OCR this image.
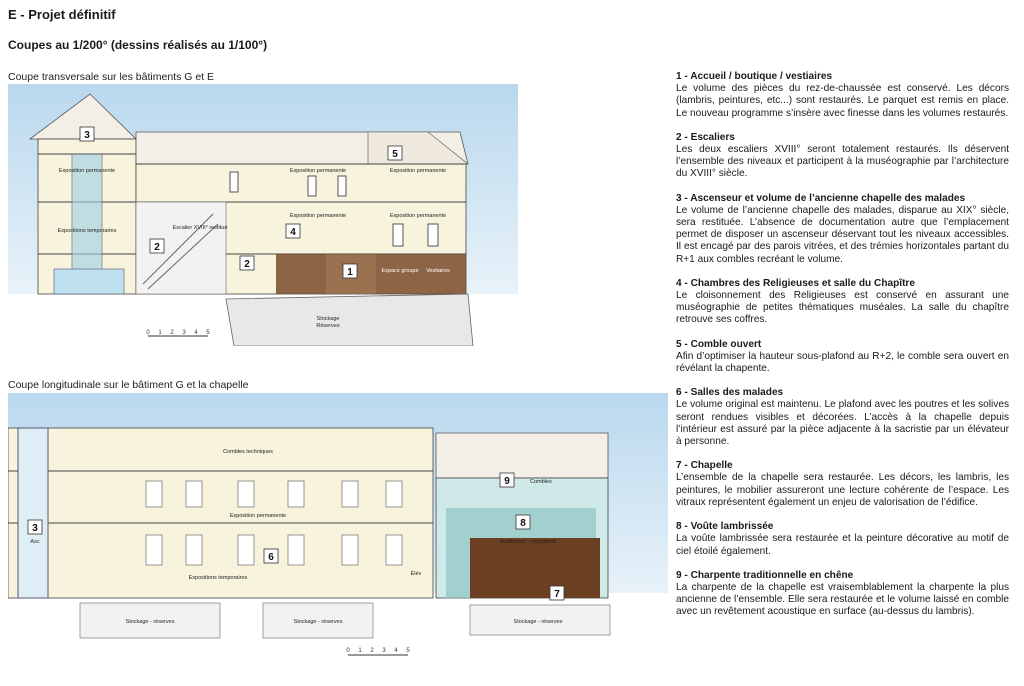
E - Projet définitif
Coupes au 1/200° (dessins réalisés au 1/100°)
Coupe transversale sur les bâtiments G et E
3
2
4
2
5
1
Exposition permanente
Expositions temporaires
Exposition permanente
Exposition permanente
Exposition permanente
Exposition permanente
Escalier XVIII° restitué
Espace groupe Vestiaires
Stockage
Réserves
0 1 2 3 4 5
Coupe longitudinale sur le bâtiment G et la chapelle
3
6
9
8
7
Combles techniques
Exposition permanente
Expositions temporaires
Asc
Élév
Combles
Auditorium - réceptions
Stockage - réserves	Stockage - réserves	Stockage - réserves
0 1 2 3 4 5
1 - Accueil / boutique / vestiaires
Le volume des pièces du rez-de-chaussée est conservé. Les décors (lambris, peintures, etc...) sont restaurés. Le parquet est remis en place. Le nouveau programme s’insère avec finesse dans les volumes restaurés.
2 - Escaliers
Les deux escaliers XVIII° seront totalement restaurés. Ils déservent l’ensemble des niveaux et participent à la muséographie par l’architecture du XVIII° siècle.
3 - Ascenseur et volume de l’ancienne chapelle des malades
Le volume de l’ancienne chapelle des malades, disparue au XIX° siècle, sera restituée. L’absence de documentation autre que l’emplacement permet de disposer un ascenseur déservant tout les niveaux accessibles. Il est encagé par des parois vitrées, et des trémies horizontales partant du R+1 aux combles recréant le volume.
4 - Chambres des Religieuses et salle du Chapître
Le cloisonnement des Religieuses est conservé en assurant une muséographie de petites thématiques muséales. La salle du chapître retrouve ses coffres.
5 - Comble ouvert
Afin d’optimiser la hauteur sous-plafond au R+2, le comble sera ouvert en révélant la chapente.
6 - Salles des malades
Le volume original est maintenu. Le plafond avec les poutres et les solives seront rendues visibles et décorées. L’accès à la chapelle depuis l’intérieur est assuré par la pièce adjacente à la sacristie par un élévateur à personne.
7 - Chapelle
L’ensemble de la chapelle sera restaurée. Les décors, les lambris, les peintures, le mobilier assureront une lecture cohérente de l’espace. Les vitraux représentent également un enjeu de valorisation de l’édifice.
8 - Voûte lambrissée
La voûte lambrissée sera restaurée et la peinture décorative au motif de ciel étoilé également.
9 - Charpente traditionnelle en chêne
La charpente de la chapelle est vraisemblablement la charpente la plus ancienne de l’ensemble. Elle sera restaurée et le volume laissé en comble avec un revêtement acoustique en surface (au-dessus du lambris).
